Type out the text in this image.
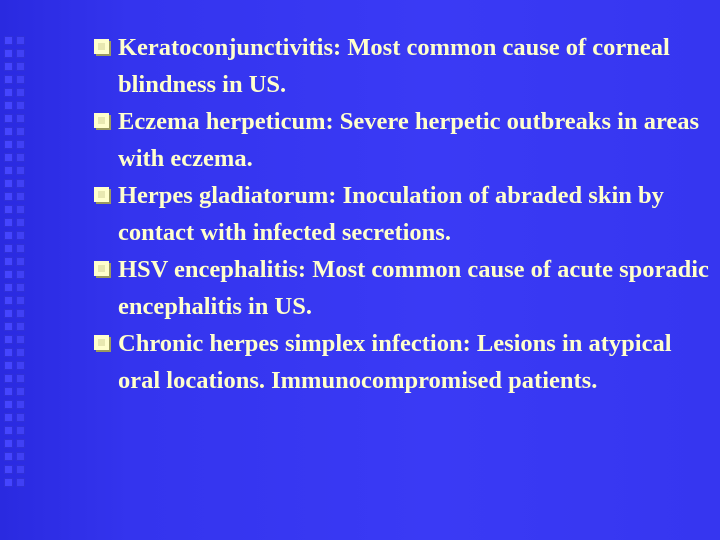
Keratoconjunctivitis: Most common cause of corneal blindness in US.
Eczema herpeticum: Severe herpetic outbreaks in areas with eczema.
Herpes gladiatorum: Inoculation of abraded skin by contact with infected secretions.
HSV encephalitis: Most common cause of acute sporadic encephalitis in US.
Chronic herpes simplex infection: Lesions in atypical oral locations. Immunocompromised patients.
